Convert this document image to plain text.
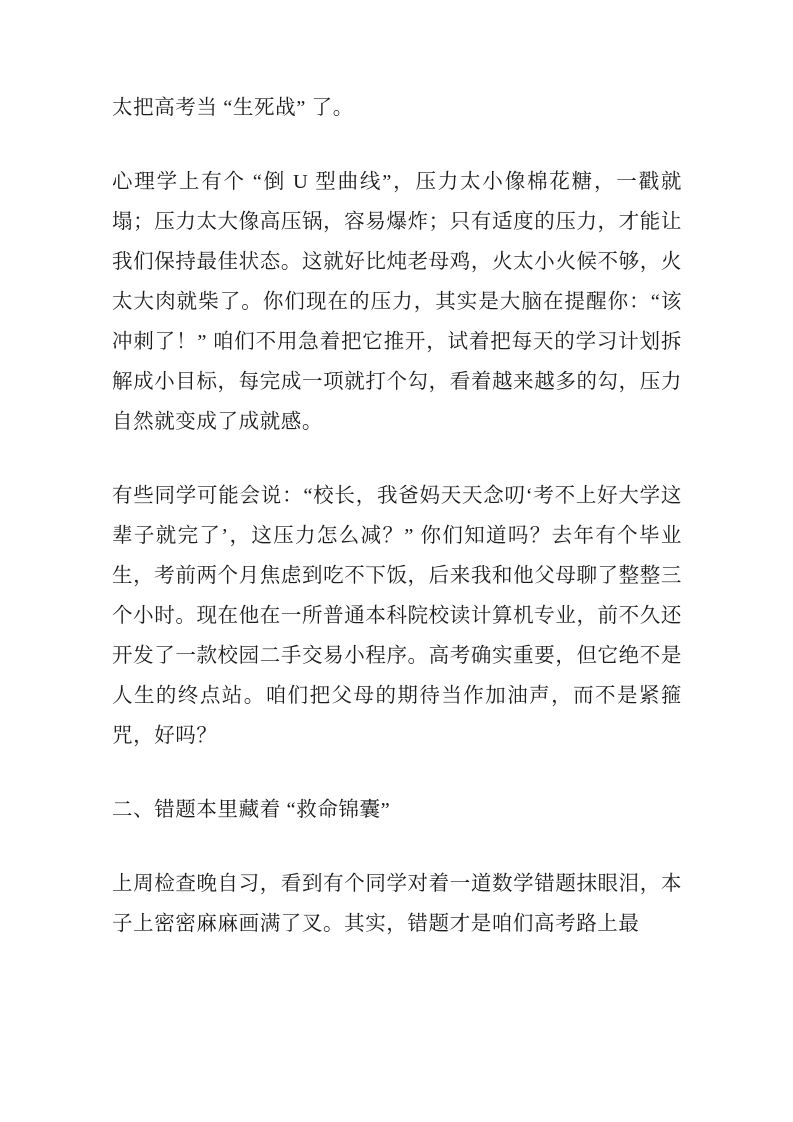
太把高考当 “生死战” 了。

心理学上有个 “倒 U 型曲线”，压力太小像棉花糖，一戳就塌；压力太大像高压锅，容易爆炸；只有适度的压力，才能让我们保持最佳状态。这就好比炖老母鸡，火太小火候不够，火太大肉就柴了。你们现在的压力，其实是大脑在提醒你：“该冲刺了！” 咱们不用急着把它推开，试着把每天的学习计划拆解成小目标，每完成一项就打个勾，看着越来越多的勾，压力自然就变成了成就感。

有些同学可能会说：“校长，我爸妈天天念叨‘考不上好大学这辈子就完了’，这压力怎么减？” 你们知道吗？去年有个毕业生，考前两个月焦虑到吃不下饭，后来我和他父母聊了整整三个小时。现在他在一所普通本科院校读计算机专业，前不久还开发了一款校园二手交易小程序。高考确实重要，但它绝不是人生的终点站。咱们把父母的期待当作加油声，而不是紧箍咒，好吗？

二、错题本里藏着 “救命锦囊”

上周检查晚自习，看到有个同学对着一道数学错题抹眼泪，本子上密密麻麻画满了叉。其实，错题才是咱们高考路上最
